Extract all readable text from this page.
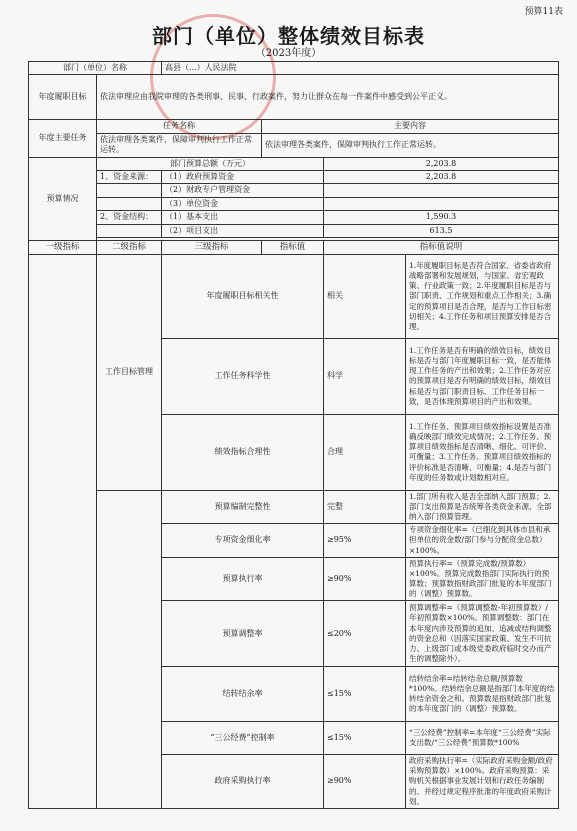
预算11表
部门（单位）整体绩效目标表
（2023年度）
部门（单位）名称		高县（...）人民法院			
年度履职目标	依法审理应由我院审理的各类刑事、民事、行政案件，努力让群众在每一件案件中感受到公平正义。				
年度主要任务	任务名称		主要内容		
	依法审理各类案件，保障审判执行工作正常运转。		依法审理各类案件，保障审判执行工作正常运转。		
预算情况	部门预算总额（万元）			2,203.8	
	1、资金来源：	（1）政府预算资金		2,203.8	
		（2）财政专户管理资金			
		（3）单位资金			
	2、资金结构：	（1）基本支出		1,590.3	
		（2）项目支出		613.5	

一级指标	二级指标	三级指标	指标值	指标值说明	
	工作目标管理	年度履职目标相关性		相关	1.年度履职目标是否符合国家、省委省政府战略部署和发展规划，与国家、省宏观政策、行业政策一致；2.年度履职目标是否与部门职责、工作规划和重点工作相关；3.确定的预算项目是否合理，是否与工作目标密切相关；4.工作任务和项目预算安排是否合理。
		工作任务科学性		科学	1.工作任务是否有明确的绩效目标，绩效目标是否与部门年度履职目标一致，是否能体现工作任务的产出和效果；2.工作任务对应的预算项目是否有明确的绩效目标，绩效目标是否与部门职责目标、工作任务目标一致，是否体现预算项目的产出和效果。
		绩效指标合理性		合理	1.工作任务、预算项目绩效指标设置是否准确反映部门绩效完成情况；2.工作任务、预算项目绩效指标是否清晰、细化、可评价、可衡量；3.工作任务、预算项目绩效指标的评价标准是否清晰、可衡量；4.是否与部门年度的任务数或计划数相对应。
		预算编制完整性		完整	1.部门所有收入是否全部纳入部门预算；2.部门支出预算是否统筹各类资金来源，全部纳入部门预算管理。
		专项资金细化率		≥95%	专项资金细化率=（已细化到具体市县和承担单位的资金数/部门参与分配资金总数）×100%。
		预算执行率		≥90%	预算执行率=（预算完成数/预算数）×100%。预算完成数指部门实际执行的预算数；预算数指财政部门批复的本年度部门的（调整）预算数。
		预算调整率		≤20%	预算调整率=（预算调整数-年初预算数）/年初预算数×100%。预算调整数：部门在本年度内涉及预算的追加、追减或结构调整的资金总和（因落实国家政策、发生不可抗力、上级部门或本级党委政府临时交办而产生的调整除外）。
		结转结余率		≤15%	结转结余率=结转结余总额/预算数*100%。结转结余总额是指部门本年度的结转结余资金之和。预算数是指财政部门批复的本年度部门的（调整）预算数。
		“三公经费”控制率		≤15%	“三公经费”控制率=本年度“三公经费”实际支出数/“三公经费”预算数*100%
		政府采购执行率		≥90%	政府采购执行率=（实际政府采购金额/政府采购预算数）×100%。政府采购预算：采购机关根据事业发展计划和行政任务编制的、并经过规定程序批准的年度政府采购计划。
